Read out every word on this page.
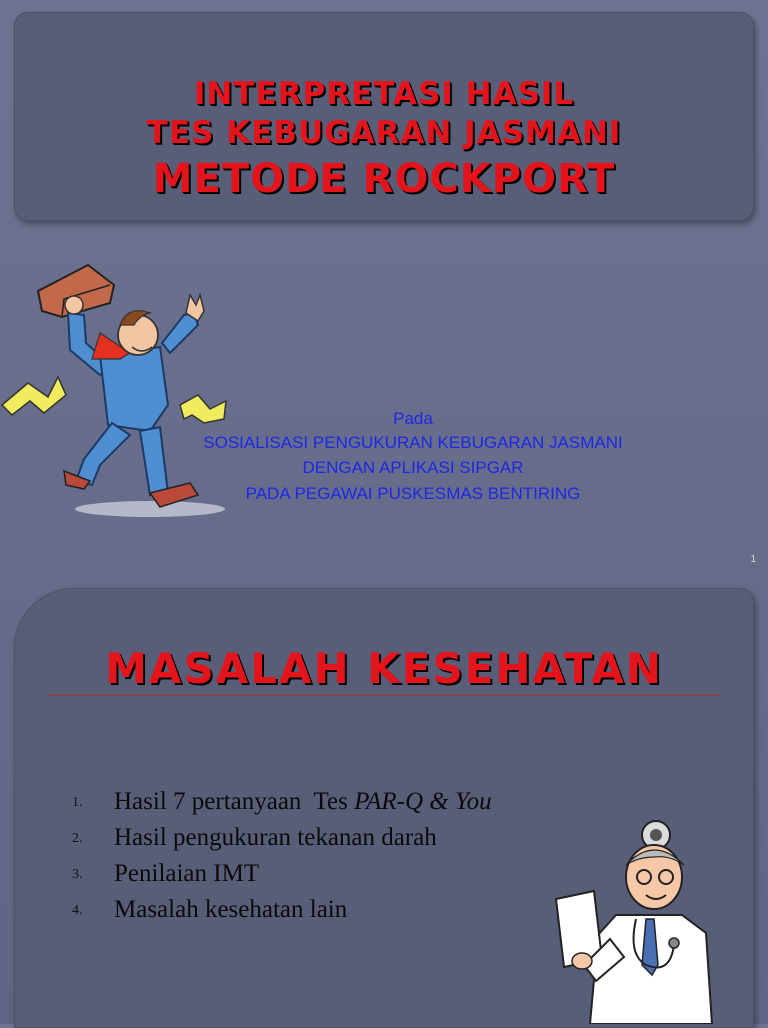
INTERPRETASI HASIL
TES KEBUGARAN JASMANI
METODE ROCKPORT
Pada
SOSIALISASI PENGUKURAN KEBUGARAN JASMANI
DENGAN APLIKASI SIPGAR
PADA PEGAWAI PUSKESMAS BENTIRING
1
MASALAH KESEHATAN
1. Hasil 7 pertanyaan  Tes PAR-Q & You
2. Hasil pengukuran tekanan darah
3. Penilaian IMT
4. Masalah kesehatan lain
